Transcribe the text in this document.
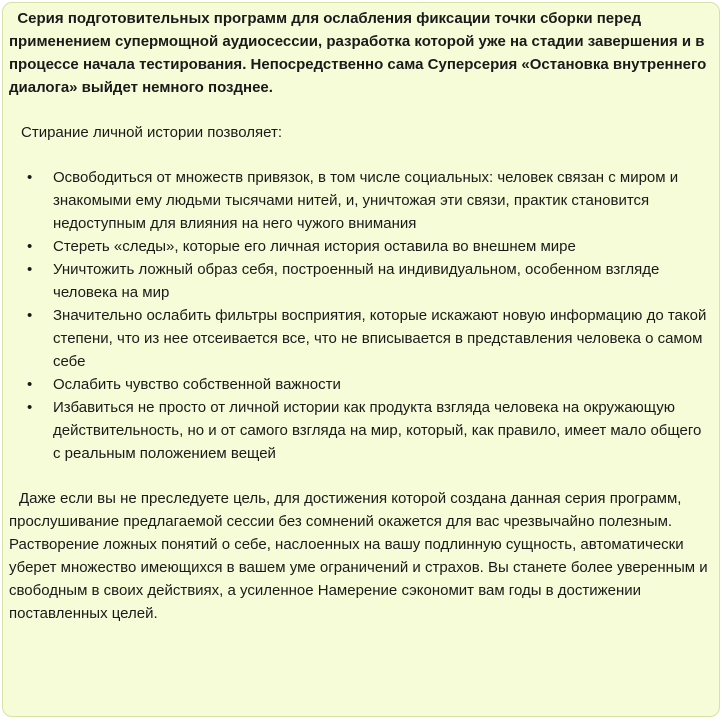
Серия подготовительных программ для ослабления фиксации точки сборки перед применением супермощной аудиосессии, разработка которой уже на стадии завершения и в процессе начала тестирования. Непосредственно сама Суперсерия «Остановка внутреннего диалога» выйдет немного позднее.

Стирание личной истории позволяет:

• Освободиться от множеств привязок, в том числе социальных: человек связан с миром и знакомыми ему людьми тысячами нитей, и, уничтожая эти связи, практик становится недоступным для влияния на него чужого внимания
• Стереть «следы», которые его личная история оставила во внешнем мире
• Уничтожить ложный образ себя, построенный на индивидуальном, особенном взгляде человека на мир
• Значительно ослабить фильтры восприятия, которые искажают новую информацию до такой степени, что из нее отсеивается все, что не вписывается в представления человека о самом себе
• Ослабить чувство собственной важности
• Избавиться не просто от личной истории как продукта взгляда человека на окружающую действительность, но и от самого взгляда на мир, который, как правило, имеет мало общего с реальным положением вещей

Даже если вы не преследуете цель, для достижения которой создана данная серия программ, прослушивание предлагаемой сессии без сомнений окажется для вас чрезвычайно полезным. Растворение ложных понятий о себе, наслоенных на вашу подлинную сущность, автоматически уберет множество имеющихся в вашем уме ограничений и страхов. Вы станете более уверенным и свободным в своих действиях, а усиленное Намерение сэкономит вам годы в достижении поставленных целей.
